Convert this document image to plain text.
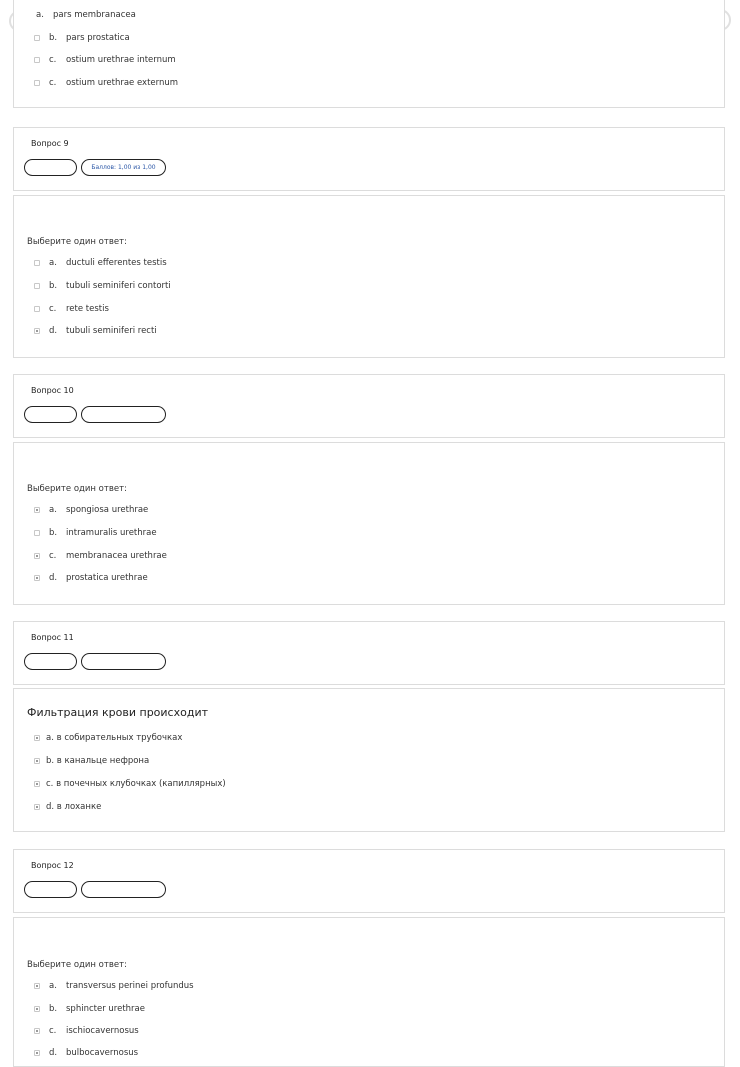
a.	pars membranacea
b.	pars prostatica
c.	ostium urethrae internum
c.	ostium urethrae externum
Вопрос 9
Баллов: 1,00 из 1,00
Выберите один ответ:
a.	ductuli efferentes testis
b.	tubuli seminiferi contorti
c.	rete testis
d.	tubuli seminiferi recti
Вопрос 10
Выберите один ответ:
a.	spongiosa urethrae
b.	intramuralis urethrae
c.	membranacea urethrae
d.	prostatica urethrae
Вопрос 11
Фильтрация крови происходит
a. в собирательных трубочках
b. в канальце нефрона
c. в почечных клубочках (капиллярных)
d. в лоханке
Вопрос 12
Выберите один ответ:
a.	transversus perinei profundus
b.	sphincter urethrae
c.	ischiocavernosus
d.	bulbocavernosus
